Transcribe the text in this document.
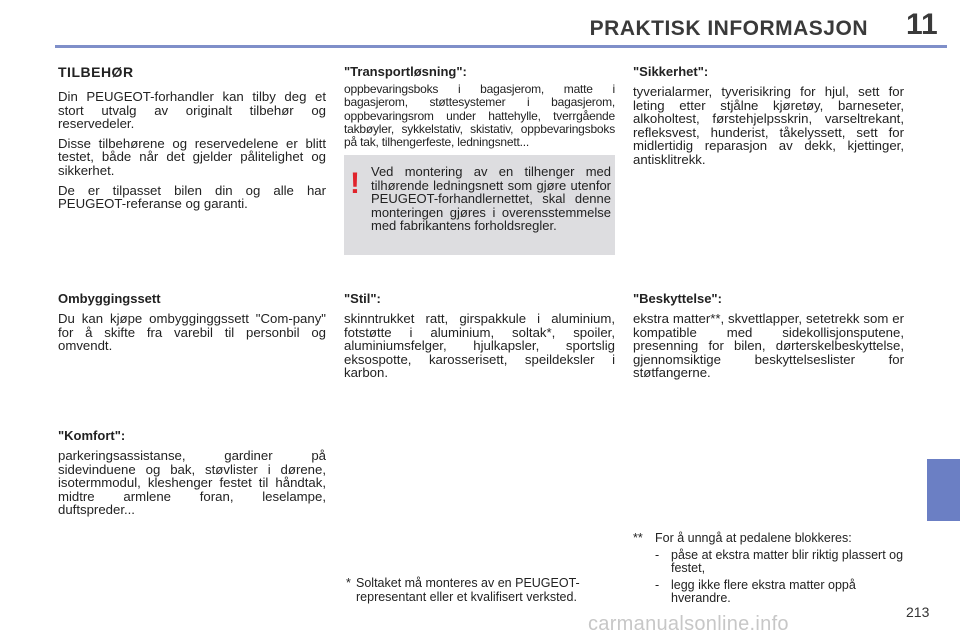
PRAKTISK INFORMASJON 11
TILBEHØR
Din PEUGEOT-forhandler kan tilby deg et stort utvalg av originalt tilbehør og reservedeler.
Disse tilbehørene og reservedelene er blitt testet, både når det gjelder pålitelighet og sikkerhet.
De er tilpasset bilen din og alle har PEUGEOT-referanse og garanti.
Ombyggingssett
Du kan kjøpe ombygginggssett "Com-pany" for å skifte fra varebil til personbil og omvendt.
"Komfort":
parkeringsassistanse, gardiner på sidevinduene og bak, støvlister i dørene, isotermmodul, kleshenger festet til håndtak, midtre armlene foran, leselampe, duftspreder...
"Transportløsning":
oppbevaringsboks i bagasjerom, matte i bagasjerom, støttesystemer i bagasjerom, oppbevaringsrom under hattehylle, tverrgående takbøyler, sykkelstativ, skistativ, oppbevaringsboks på tak, tilhengerfeste, ledningsnett...
! Ved montering av en tilhenger med tilhørende ledningsnett som gjøre utenfor PEUGEOT-forhandlernettet, skal denne monteringen gjøres i overensstemmelse med fabrikantens forholdsregler.
"Stil":
skinntrukket ratt, girspakkule i aluminium, fotstøtte i aluminium, soltak*, spoiler, aluminiumsfelger, hjulkapsler, sportslig eksospotte, karosserisett, speildeksler i karbon.
* Soltaket må monteres av en PEUGEOT-representant eller et kvalifisert verksted.
"Sikkerhet":
tyverialarmer, tyverisikring for hjul, sett for leting etter stjålne kjøretøy, barneseter, alkoholtest, førstehjelpsskrin, varseltrekant, refleksvest, hunderist, tåkelyssett, sett for midlertidig reparasjon av dekk, kjettinger, antisklitrekk.
"Beskyttelse":
ekstra matter**, skvettlapper, setetrekk som er kompatible med sidekollisjonsputene, presenning for bilen, dørterskelbeskyttelse, gjennomsiktige beskyttelseslister for støtfangerne.
** For å unngå at pedalene blokkeres:
- påse at ekstra matter blir riktig plassert og festet,
- legg ikke flere ekstra matter oppå hverandre.
carmanualsonline.info
213
